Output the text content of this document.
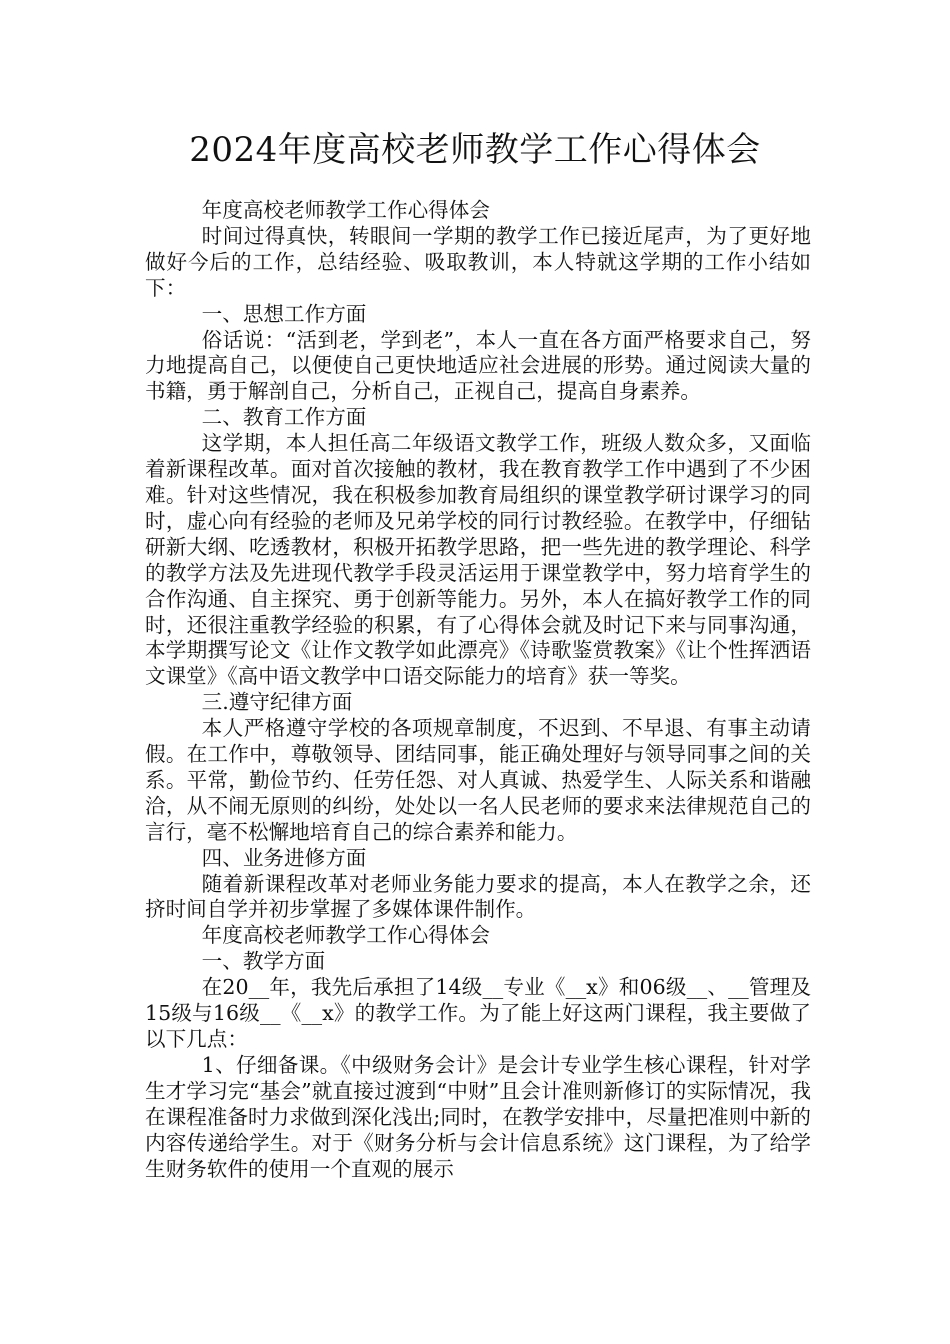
2024年度高校老师教学工作心得体会

年度高校老师教学工作心得体会

时间过得真快，转眼间一学期的教学工作已接近尾声，为了更好地做好今后的工作，总结经验、吸取教训，本人特就这学期的工作小结如下：

一、思想工作方面

俗话说：“活到老，学到老”，本人一直在各方面严格要求自己，努力地提高自己，以便使自己更快地适应社会进展的形势。通过阅读大量的书籍，勇于解剖自己，分析自己，正视自己，提高自身素养。

二、教育工作方面

这学期，本人担任高二年级语文教学工作，班级人数众多，又面临着新课程改革。面对首次接触的教材，我在教育教学工作中遇到了不少困难。针对这些情况，我在积极参加教育局组织的课堂教学研讨课学习的同时，虚心向有经验的老师及兄弟学校的同行讨教经验。在教学中，仔细钻研新大纲、吃透教材，积极开拓教学思路，把一些先进的教学理论、科学的教学方法及先进现代教学手段灵活运用于课堂教学中，努力培育学生的合作沟通、自主探究、勇于创新等能力。另外，本人在搞好教学工作的同时，还很注重教学经验的积累，有了心得体会就及时记下来与同事沟通，本学期撰写论文《让作文教学如此漂亮》《诗歌鉴赏教案》《让个性挥洒语文课堂》《高中语文教学中口语交际能力的培育》获一等奖。

三.遵守纪律方面

本人严格遵守学校的各项规章制度，不迟到、不早退、有事主动请假。在工作中，尊敬领导、团结同事，能正确处理好与领导同事之间的关系。平常，勤俭节约、任劳任怨、对人真诚、热爱学生、人际关系和谐融洽，从不闹无原则的纠纷，处处以一名人民老师的要求来法律规范自己的言行，毫不松懈地培育自己的综合素养和能力。

四、业务进修方面

随着新课程改革对老师业务能力要求的提高，本人在教学之余，还挤时间自学并初步掌握了多媒体课件制作。

年度高校老师教学工作心得体会

一、教学方面

在20__年，我先后承担了14级__专业《__x》和06级__、__管理及15级与16级__《__x》的教学工作。为了能上好这两门课程，我主要做了以下几点：

1、仔细备课。《中级财务会计》是会计专业学生核心课程，针对学生才学习完“基会”就直接过渡到“中财”且会计准则新修订的实际情况，我在课程准备时力求做到深化浅出;同时，在教学安排中，尽量把准则中新的内容传递给学生。对于《财务分析与会计信息系统》这门课程，为了给学生财务软件的使用一个直观的展示
